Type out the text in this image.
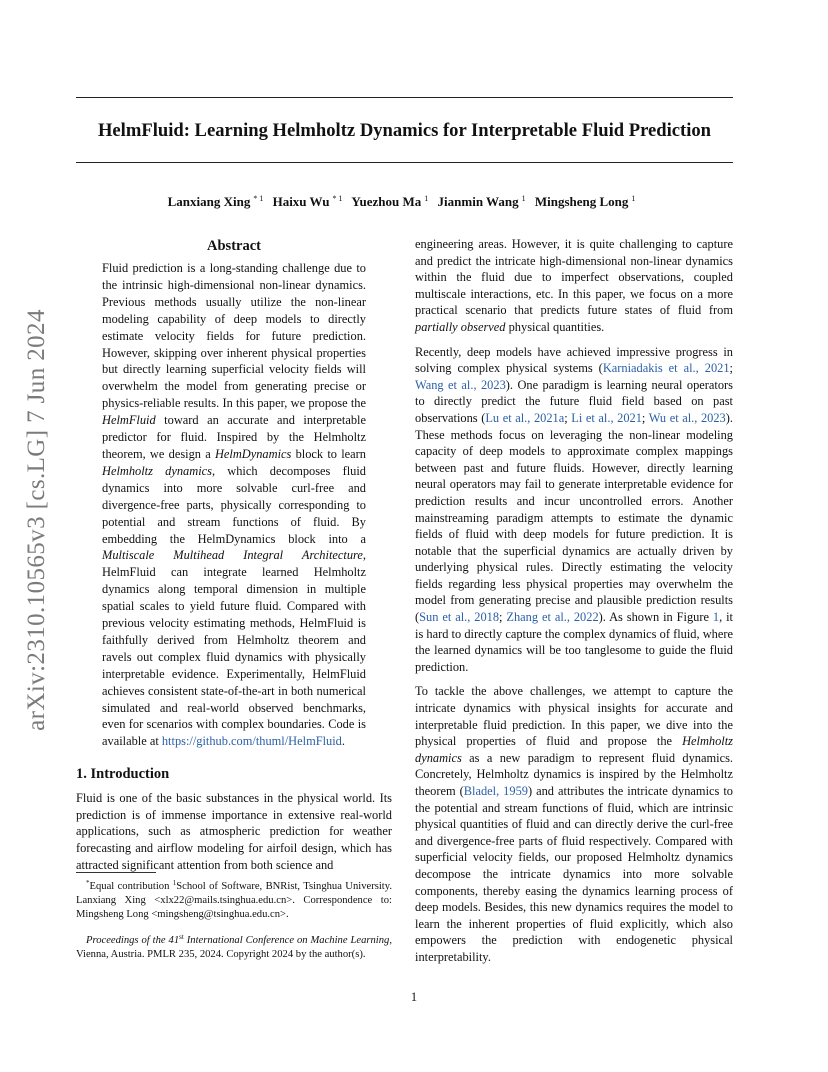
HelmFluid: Learning Helmholtz Dynamics for Interpretable Fluid Prediction

Lanxiang Xing $^{* 1}$ Haixu Wu $^{* 1}$ Yuezhou Ma $^1$ Jianmin Wang $^1$ Mingsheng Long $^1$

arXiv:2310.10565v3 [cs.LG] 7 Jun 2024

Abstract

Fluid prediction is a long-standing challenge due to the intrinsic high-dimensional non-linear dynamics. Previous methods usually utilize the non-linear modeling capability of deep models to directly estimate velocity fields for future prediction. However, skipping over inherent physical properties but directly learning superficial velocity fields will overwhelm the model from generating precise or physics-reliable results. In this paper, we propose the HelmFluid toward an accurate and interpretable predictor for fluid. Inspired by the Helmholtz theorem, we design a HelmDynamics block to learn Helmholtz dynamics, which decomposes fluid dynamics into more solvable curl-free and divergence-free parts, physically corresponding to potential and stream functions of fluid. By embedding the HelmDynamics block into a Multiscale Multihead Integral Architecture, HelmFluid can integrate learned Helmholtz dynamics along temporal dimension in multiple spatial scales to yield future fluid. Compared with previous velocity estimating methods, HelmFluid is faithfully derived from Helmholtz theorem and ravels out complex fluid dynamics with physically interpretable evidence. Experimentally, HelmFluid achieves consistent state-of-the-art in both numerical simulated and real-world observed benchmarks, even for scenarios with complex boundaries. Code is available at https://github.com/thuml/HelmFluid.

1. Introduction

Fluid is one of the basic substances in the physical world. Its prediction is of immense importance in extensive real-world applications, such as atmospheric prediction for weather forecasting and airflow modeling for airfoil design, which has attracted significant attention from both science and

*Equal contribution $^1$School of Software, BNRist, Tsinghua University. Lanxiang Xing <xlx22@mails.tsinghua.edu.cn>. Correspondence to: Mingsheng Long <mingsheng@tsinghua.edu.cn>.

Proceedings of the 41st International Conference on Machine Learning, Vienna, Austria. PMLR 235, 2024. Copyright 2024 by the author(s).

engineering areas. However, it is quite challenging to capture and predict the intricate high-dimensional non-linear dynamics within the fluid due to imperfect observations, coupled multiscale interactions, etc. In this paper, we focus on a more practical scenario that predicts future states of fluid from partially observed physical quantities.

Recently, deep models have achieved impressive progress in solving complex physical systems (Karniadakis et al., 2021; Wang et al., 2023). One paradigm is learning neural operators to directly predict the future fluid field based on past observations (Lu et al., 2021a; Li et al., 2021; Wu et al., 2023). These methods focus on leveraging the non-linear modeling capacity of deep models to approximate complex mappings between past and future fluids. However, directly learning neural operators may fail to generate interpretable evidence for prediction results and incur uncontrolled errors. Another mainstreaming paradigm attempts to estimate the dynamic fields of fluid with deep models for future prediction. It is notable that the superficial dynamics are actually driven by underlying physical rules. Directly estimating the velocity fields regarding less physical properties may overwhelm the model from generating precise and plausible prediction results (Sun et al., 2018; Zhang et al., 2022). As shown in Figure 1, it is hard to directly capture the complex dynamics of fluid, where the learned dynamics will be too tanglesome to guide the fluid prediction.

To tackle the above challenges, we attempt to capture the intricate dynamics with physical insights for accurate and interpretable fluid prediction. In this paper, we dive into the physical properties of fluid and propose the Helmholtz dynamics as a new paradigm to represent fluid dynamics. Concretely, Helmholtz dynamics is inspired by the Helmholtz theorem (Bladel, 1959) and attributes the intricate dynamics to the potential and stream functions of fluid, which are intrinsic physical quantities of fluid and can directly derive the curl-free and divergence-free parts of fluid respectively. Compared with superficial velocity fields, our proposed Helmholtz dynamics decompose the intricate dynamics into more solvable components, thereby easing the dynamics learning process of deep models. Besides, this new dynamics requires the model to learn the inherent properties of fluid explicitly, which also empowers the prediction with endogenetic physical interpretability.

1
